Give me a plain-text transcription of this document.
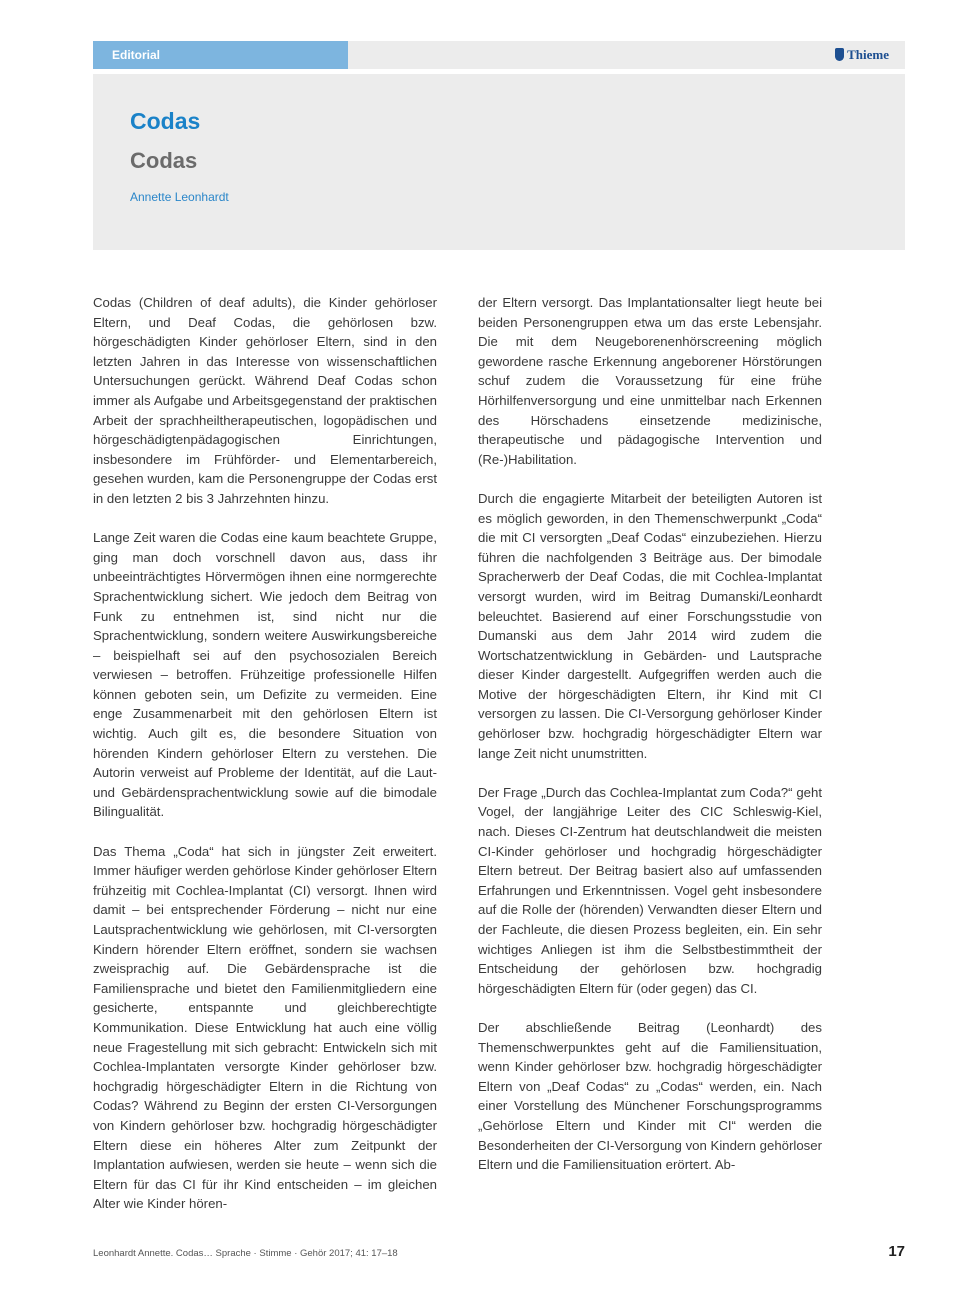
Editorial	Thieme
Codas
Codas
Annette Leonhardt

Codas (Children of deaf adults), die Kinder gehörloser Eltern, und Deaf Codas, die gehörlosen bzw. hörgeschädigten Kinder gehörloser Eltern, sind in den letzten Jahren in das Interesse von wissenschaftlichen Untersuchungen gerückt. Während Deaf Codas schon immer als Aufgabe und Arbeitsgegenstand der praktischen Arbeit der sprachheiltherapeutischen, logopädischen und hörgeschädigtenpädagogischen Einrichtungen, insbesondere im Frühförder- und Elementarbereich, gesehen wurden, kam die Personengruppe der Codas erst in den letzten 2 bis 3 Jahrzehnten hinzu.

Lange Zeit waren die Codas eine kaum beachtete Gruppe, ging man doch vorschnell davon aus, dass ihr unbeeinträchtigtes Hörvermögen ihnen eine normgerechte Sprachentwicklung sichert. Wie jedoch dem Beitrag von Funk zu entnehmen ist, sind nicht nur die Sprachentwicklung, sondern weitere Auswirkungsbereiche – beispielhaft sei auf den psychosozialen Bereich verwiesen – betroffen. Frühzeitige professionelle Hilfen können geboten sein, um Defizite zu vermeiden. Eine enge Zusammenarbeit mit den gehörlosen Eltern ist wichtig. Auch gilt es, die besondere Situation von hörenden Kindern gehörloser Eltern zu verstehen. Die Autorin verweist auf Probleme der Identität, auf die Laut- und Gebärdensprachentwicklung sowie auf die bimodale Bilingualität.

Das Thema „Coda“ hat sich in jüngster Zeit erweitert. Immer häufiger werden gehörlose Kinder gehörloser Eltern frühzeitig mit Cochlea-Implantat (CI) versorgt. Ihnen wird damit – bei entsprechender Förderung – nicht nur eine Lautsprachentwicklung wie gehörlosen, mit CI-versorgten Kindern hörender Eltern eröffnet, sondern sie wachsen zweisprachig auf. Die Gebärdensprache ist die Familiensprache und bietet den Familienmitgliedern eine gesicherte, entspannte und gleichberechtigte Kommunikation. Diese Entwicklung hat auch eine völlig neue Fragestellung mit sich gebracht: Entwickeln sich mit Cochlea-Implantaten versorgte Kinder gehörloser bzw. hochgradig hörgeschädigter Eltern in die Richtung von Codas? Während zu Beginn der ersten CI-Versorgungen von Kindern gehörloser bzw. hochgradig hörgeschädigter Eltern diese ein höheres Alter zum Zeitpunkt der Implantation aufwiesen, werden sie heute – wenn sich die Eltern für das CI für ihr Kind entscheiden – im gleichen Alter wie Kinder hören-

der Eltern versorgt. Das Implantationsalter liegt heute bei beiden Personengruppen etwa um das erste Lebensjahr. Die mit dem Neugeborenenhörscreening möglich gewordene rasche Erkennung angeborener Hörstörungen schuf zudem die Voraussetzung für eine frühe Hörhilfenversorgung und eine unmittelbar nach Erkennen des Hörschadens einsetzende medizinische, therapeutische und pädagogische Intervention und (Re-)Habilitation.

Durch die engagierte Mitarbeit der beteiligten Autoren ist es möglich geworden, in den Themenschwerpunkt „Coda“ die mit CI versorgten „Deaf Codas“ einzubeziehen. Hierzu führen die nachfolgenden 3 Beiträge aus. Der bimodale Spracherwerb der Deaf Codas, die mit Cochlea-Implantat versorgt wurden, wird im Beitrag Dumanski/Leonhardt beleuchtet. Basierend auf einer Forschungsstudie von Dumanski aus dem Jahr 2014 wird zudem die Wortschatzentwicklung in Gebärden- und Lautsprache dieser Kinder dargestellt. Aufgegriffen werden auch die Motive der hörgeschädigten Eltern, ihr Kind mit CI versorgen zu lassen. Die CI-Versorgung gehörloser Kinder gehörloser bzw. hochgradig hörgeschädigter Eltern war lange Zeit nicht unumstritten.

Der Frage „Durch das Cochlea-Implantat zum Coda?“ geht Vogel, der langjährige Leiter des CIC Schleswig-Kiel, nach. Dieses CI-Zentrum hat deutschlandweit die meisten CI-Kinder gehörloser und hochgradig hörgeschädigter Eltern betreut. Der Beitrag basiert also auf umfassenden Erfahrungen und Erkenntnissen. Vogel geht insbesondere auf die Rolle der (hörenden) Verwandten dieser Eltern und der Fachleute, die diesen Prozess begleiten, ein. Ein sehr wichtiges Anliegen ist ihm die Selbstbestimmtheit der Entscheidung der gehörlosen bzw. hochgradig hörgeschädigten Eltern für (oder gegen) das CI.

Der abschließende Beitrag (Leonhardt) des Themenschwerpunktes geht auf die Familiensituation, wenn Kinder gehörloser bzw. hochgradig hörgeschädigter Eltern von „Deaf Codas“ zu „Codas“ werden, ein. Nach einer Vorstellung des Münchener Forschungsprogramms „Gehörlose Eltern und Kinder mit CI“ werden die Besonderheiten der CI-Versorgung von Kindern gehörloser Eltern und die Familiensituation erörtert. Ab-

Leonhardt Annette. Codas… Sprache · Stimme · Gehör 2017; 41: 17–18	17
